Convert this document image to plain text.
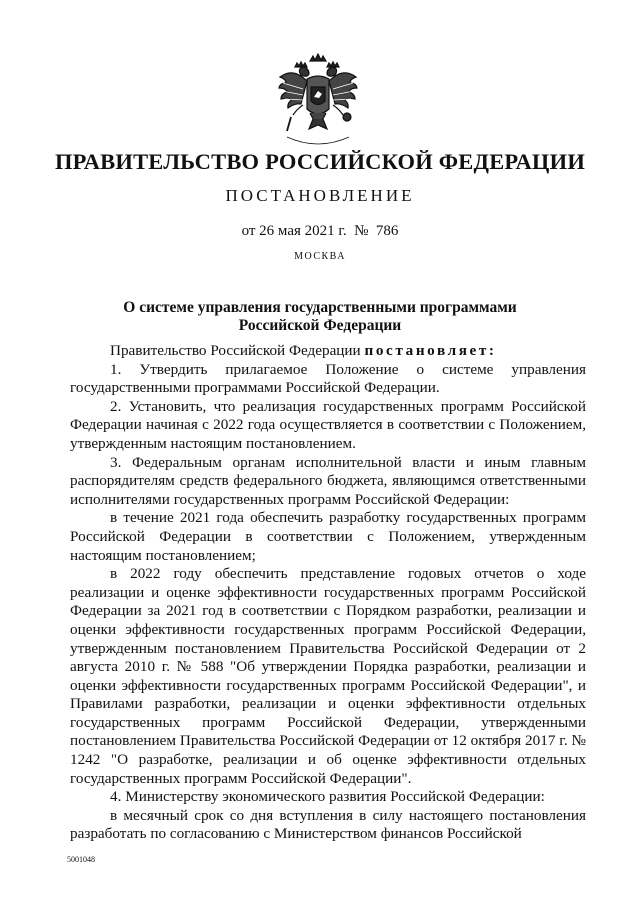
ПРАВИТЕЛЬСТВО РОССИЙСКОЙ ФЕДЕРАЦИИ
ПОСТАНОВЛЕНИЕ
от 26 мая 2021 г. № 786
МОСКВА
О системе управления государственными программами
Российской Федерации

Правительство Российской Федерации постановляет:

1. Утвердить прилагаемое Положение о системе управления государственными программами Российской Федерации.

2. Установить, что реализация государственных программ Российской Федерации начиная с 2022 года осуществляется в соответствии с Положением, утвержденным настоящим постановлением.

3. Федеральным органам исполнительной власти и иным главным распорядителям средств федерального бюджета, являющимся ответственными исполнителями государственных программ Российской Федерации:

в течение 2021 года обеспечить разработку государственных программ Российской Федерации в соответствии с Положением, утвержденным настоящим постановлением;

в 2022 году обеспечить представление годовых отчетов о ходе реализации и оценке эффективности государственных программ Российской Федерации за 2021 год в соответствии с Порядком разработки, реализации и оценки эффективности государственных программ Российской Федерации, утвержденным постановлением Правительства Российской Федерации от 2 августа 2010 г. № 588 "Об утверждении Порядка разработки, реализации и оценки эффективности государственных программ Российской Федерации", и Правилами разработки, реализации и оценки эффективности отдельных государственных программ Российской Федерации, утвержденными постановлением Правительства Российской Федерации от 12 октября 2017 г. № 1242 "О разработке, реализации и об оценке эффективности отдельных государственных программ Российской Федерации".

4. Министерству экономического развития Российской Федерации:

в месячный срок со дня вступления в силу настоящего постановления разработать по согласованию с Министерством финансов Российской

5001048
